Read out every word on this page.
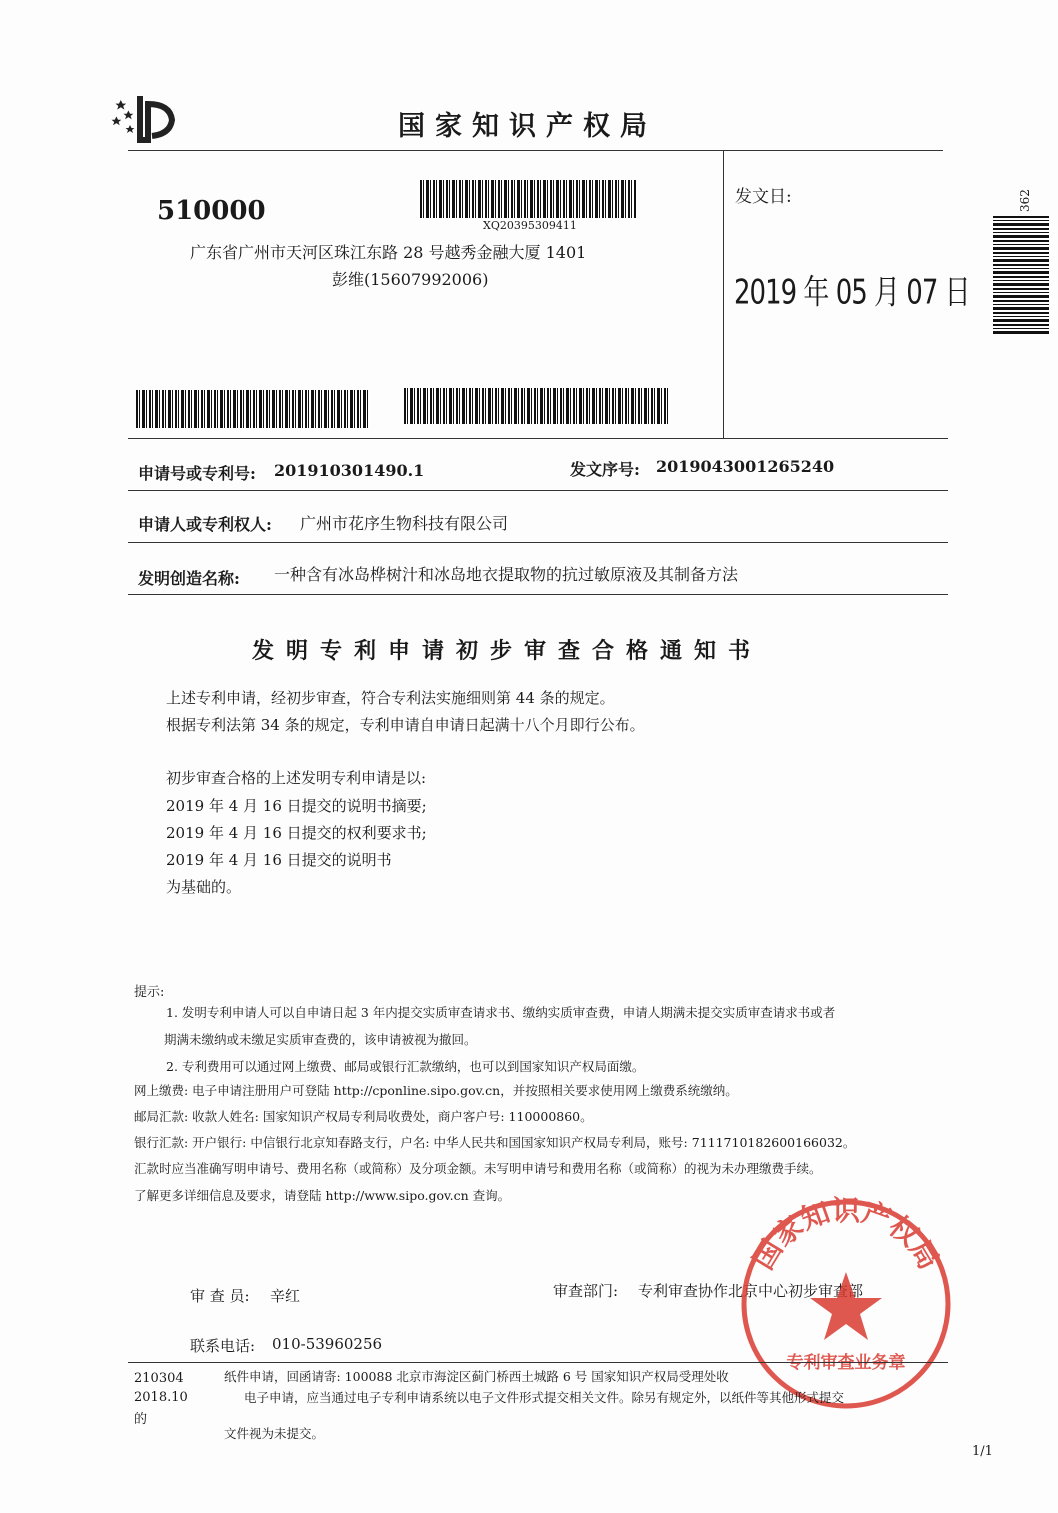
国家知识产权局
510000	XQ20395309411
广东省广州市天河区珠江东路 28 号越秀金融大厦 1401
彭维(15607992006)
发文日:
2019 年 05 月 07 日
362
申请号或专利号: 201910301490.1	发文序号: 2019043001265240
申请人或专利权人: 广州市花序生物科技有限公司
发明创造名称: 一种含有冰岛桦树汁和冰岛地衣提取物的抗过敏原液及其制备方法
发明专利申请初步审查合格通知书
上述专利申请，经初步审查，符合专利法实施细则第 44 条的规定。
根据专利法第 34 条的规定，专利申请自申请日起满十八个月即行公布。
初步审查合格的上述发明专利申请是以:
2019 年 4 月 16 日提交的说明书摘要;
2019 年 4 月 16 日提交的权利要求书;
2019 年 4 月 16 日提交的说明书
为基础的。
提示:
1. 发明专利申请人可以自申请日起 3 年内提交实质审查请求书、缴纳实质审查费，申请人期满未提交实质审查请求书或者
期满未缴纳或未缴足实质审查费的，该申请被视为撤回。
2. 专利费用可以通过网上缴费、邮局或银行汇款缴纳，也可以到国家知识产权局面缴。
网上缴费: 电子申请注册用户可登陆 http://cponline.sipo.gov.cn，并按照相关要求使用网上缴费系统缴纳。
邮局汇款: 收款人姓名: 国家知识产权局专利局收费处，商户客户号: 110000860。
银行汇款: 开户银行: 中信银行北京知春路支行，户名: 中华人民共和国国家知识产权局专利局，账号: 7111710182600166032。
汇款时应当准确写明申请号、费用名称（或简称）及分项金额。未写明申请号和费用名称（或简称）的视为未办理缴费手续。
了解更多详细信息及要求，请登陆 http://www.sipo.gov.cn 查询。
审 查 员: 辛红	审查部门: 专利审查协作北京中心初步审查部
联系电话: 010-53960256
国家知识产权局
专利审查业务章
210304
2018.10
的
纸件申请，回函请寄: 100088 北京市海淀区蓟门桥西土城路 6 号 国家知识产权局受理处收
电子申请，应当通过电子专利申请系统以电子文件形式提交相关文件。除另有规定外，以纸件等其他形式提交
文件视为未提交。
1/1
